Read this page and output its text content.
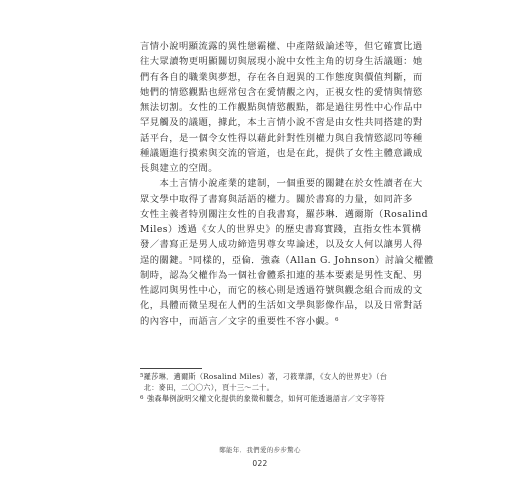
言情小說明顯流露的異性戀霸權、中產階級論述等，但它確實比過
往大眾讀物更明顯關切與展現小說中女性主角的切身生活議題：她
們有各自的職業與夢想，存在各自迥異的工作態度與價值判斷，而
她們的情慾觀點也經常包含在愛情觀之內，正視女性的愛情與情慾
無法切割。女性的工作觀點與情慾觀點，都是過往男性中心作品中
罕見觸及的議題，據此，本土言情小說不啻是由女性共同搭建的對
話平台，是一個令女性得以藉此針對性別權力與自我情慾認同等種
種議題進行摸索與交流的管道，也是在此，提供了女性主體意識成
長與建立的空間。

　　本土言情小說產業的建制，一個重要的關鍵在於女性讀者在大
眾文學中取得了書寫與話語的權力。關於書寫的力量，如同許多
女性主義者特別關注女性的自我書寫，羅莎琳．邁爾斯（Rosalind
Miles）透過《女人的世界史》的歷史書寫實踐，直指女性本質構
發／書寫正是男人成功締造男尊女卑論述，以及女人何以讓男人得
逞的關鍵。$^5$同樣的，亞倫．強森（Allan G. Johnson）討論父權體
制時，認為父權作為一個社會體系扣連的基本要素是男性支配、男
性認同與男性中心，而它的核心則是透過符號與觀念組合而成的文
化，具體而微呈現在人們的生活如文學與影像作品，以及日常對話
的內容中，而語言／文字的重要性不容小覷。$^6$

5 羅莎琳．邁爾斯（Rosalind Miles）著，刁筱華譯，《女人的世界史》（台
北：麥田，二〇〇六），頁十三～二十。
6 強森舉例說明父權文化提供的象徵和觀念，如何可能透過語言／文字等符
鄭能年．我們愛的步步驚心
022
